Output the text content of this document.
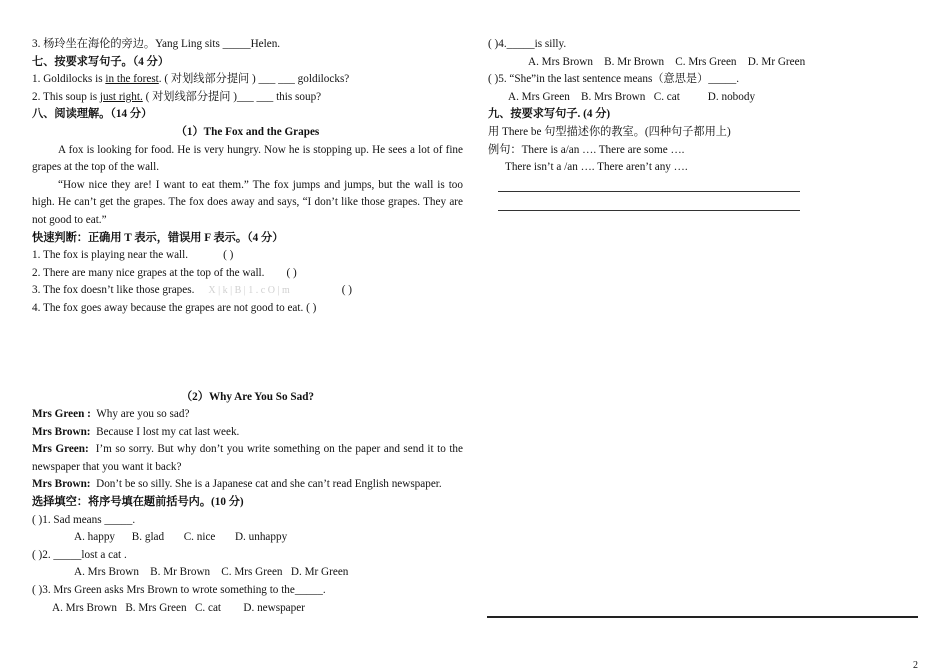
3. 杨玲坐在海伦的旁边。Yang Ling sits _____Helen.
七、按要求写句子。（4 分）
1. Goldilocks is in the forest. ( 对划线部分提问 ) ___ ___ goldilocks?
2. This soup is just right. ( 对划线部分提问 )___ ___ this soup?
八、阅读理解。（14 分）
（1）The Fox and the Grapes
A fox is looking for food. He is very hungry. Now he is stopping up. He sees a lot of fine grapes at the top of the wall.
“How nice they are! I want to eat them.” The fox jumps and jumps, but the wall is too high. He can’t get the grapes. The fox does away and says, “I don’t like those grapes. They are not good to eat.”
快速判断：正确用 T 表示，错误用 F 表示。（4 分）
1. The fox is playing near the wall.	( )
2. There are many nice grapes at the top of the wall. ( )
3. The fox doesn’t like those grapes. X | k | B | 1 . c O | m	( )
4. The fox goes away because the grapes are not good to eat. ( )
（2）Why Are You So Sad?
Mrs Green : Why are you so sad?
Mrs Brown: Because I lost my cat last week.
Mrs Green: I’m so sorry. But why don’t you write something on the paper and send it to the newspaper that you want it back?
Mrs Brown: Don’t be so silly. She is a Japanese cat and she can’t read English newspaper.
选择填空：将序号填在题前括号内。(10 分)
( )1. Sad means _____.
A. happy      B. glad       C. nice       D. unhappy
( )2. _____lost a cat .
A. Mrs Brown    B. Mr Brown    C. Mrs Green   D. Mr Green
( )3. Mrs Green asks Mrs Brown to wrote something to the_____.
A. Mrs Brown   B. Mrs Green   C. cat        D. newspaper
( )4._____is silly.
A. Mrs Brown    B. Mr Brown    C. Mrs Green    D. Mr Green
( )5. “She”in the last sentence means（意思是）_____.
A. Mrs Green    B. Mrs Brown   C. cat          D. nobody
九、按要求写句子. (4 分)
用 There be 句型描述你的教室。(四种句子都用上)
例句：There is a/an …. There are some ….
There isn’t a /an …. There aren’t any ….
2
